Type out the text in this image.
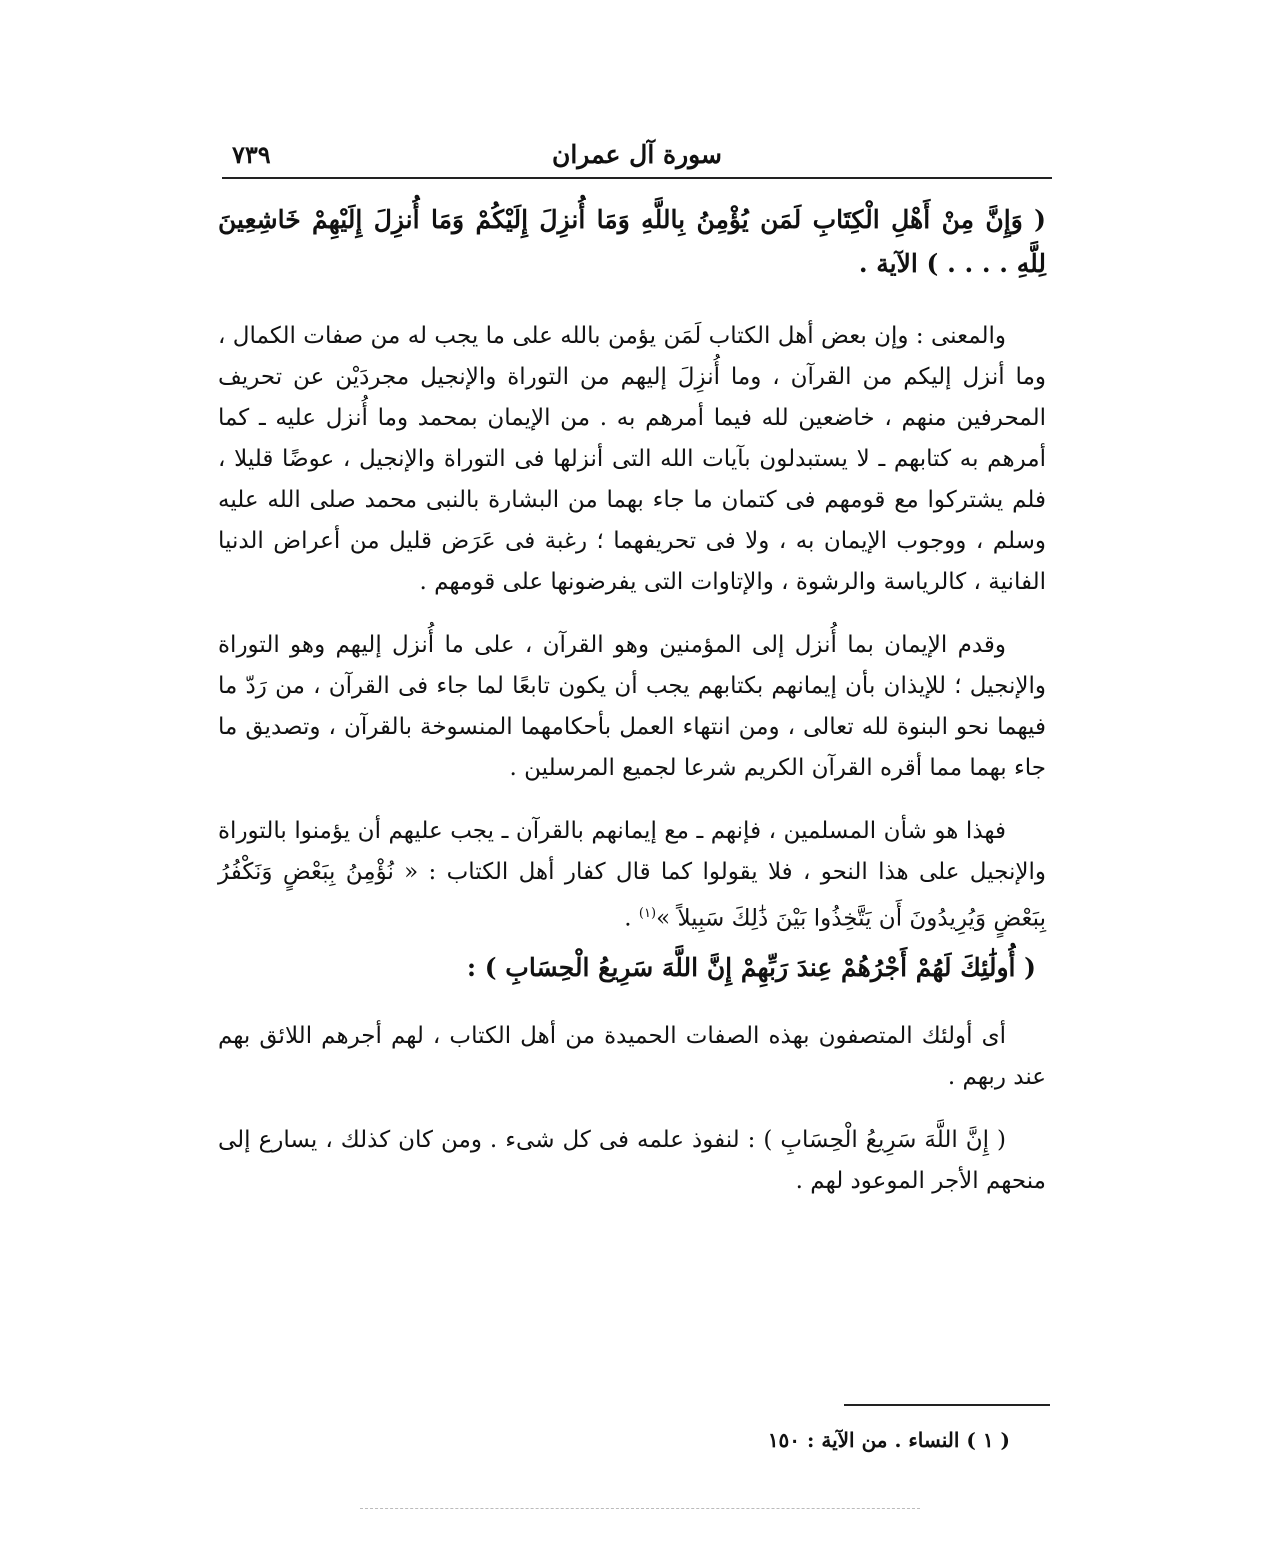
٧٣٩	سورة آل عمران

( وَإِنَّ مِنْ أَهْلِ الْكِتَابِ لَمَن يُؤْمِنُ بِاللَّهِ وَمَا أُنزِلَ إِلَيْكُمْ وَمَا أُنزِلَ إِلَيْهِمْ خَاشِعِينَ لِلَّهِ . . . . ) الآية .

والمعنى : وإن بعض أهل الكتاب لَمَن يؤمن بالله على ما يجب له من صفات الكمال ، وما أنزل إليكم من القرآن ، وما أُنزِلَ إليهم من التوراة والإنجيل مجردَيْن عن تحريف المحرفين منهم ، خاضعين لله فيما أمرهم به . من الإيمان بمحمد وما أُنزل عليه ـ كما أمرهم به كتابهم ـ لا يستبدلون بآيات الله التى أنزلها فى التوراة والإنجيل ، عوضًا قليلا ، فلم يشتركوا مع قومهم فى كتمان ما جاء بهما من البشارة بالنبى محمد صلى الله عليه وسلم ، ووجوب الإيمان به ، ولا فى تحريفهما ؛ رغبة فى عَرَض قليل من أعراض الدنيا الفانية ، كالرياسة والرشوة ، والإتاوات التى يفرضونها على قومهم .

وقدم الإيمان بما أُنزل إلى المؤمنين وهو القرآن ، على ما أُنزل إليهم وهو التوراة والإنجيل ؛ للإيذان بأن إيمانهم بكتابهم يجب أن يكون تابعًا لما جاء فى القرآن ، من رَدّ ما فيهما نحو البنوة لله تعالى ، ومن انتهاء العمل بأحكامهما المنسوخة بالقرآن ، وتصديق ما جاء بهما مما أقره القرآن الكريم شرعا لجميع المرسلين .

فهذا هو شأن المسلمين ، فإنهم ـ مع إيمانهم بالقرآن ـ يجب عليهم أن يؤمنوا بالتوراة والإنجيل على هذا النحو ، فلا يقولوا كما قال كفار أهل الكتاب : « نُؤْمِنُ بِبَعْضٍ وَنَكْفُرُ بِبَعْضٍ وَيُرِيدُونَ أَن يَتَّخِذُوا بَيْنَ ذَٰلِكَ سَبِيلاً »$^{(١)}$ .

( أُولَٰئِكَ لَهُمْ أَجْرُهُمْ عِندَ رَبِّهِمْ إِنَّ اللَّهَ سَرِيعُ الْحِسَابِ ) :

أى أولئك المتصفون بهذه الصفات الحميدة من أهل الكتاب ، لهم أجرهم اللائق بهم عند ربهم .

( إِنَّ اللَّهَ سَرِيعُ الْحِسَابِ ) : لنفوذ علمه فى كل شىء . ومن كان كذلك ، يسارع إلى منحهم الأجر الموعود لهم .

( ١ ) النساء . من الآية : ١٥٠
